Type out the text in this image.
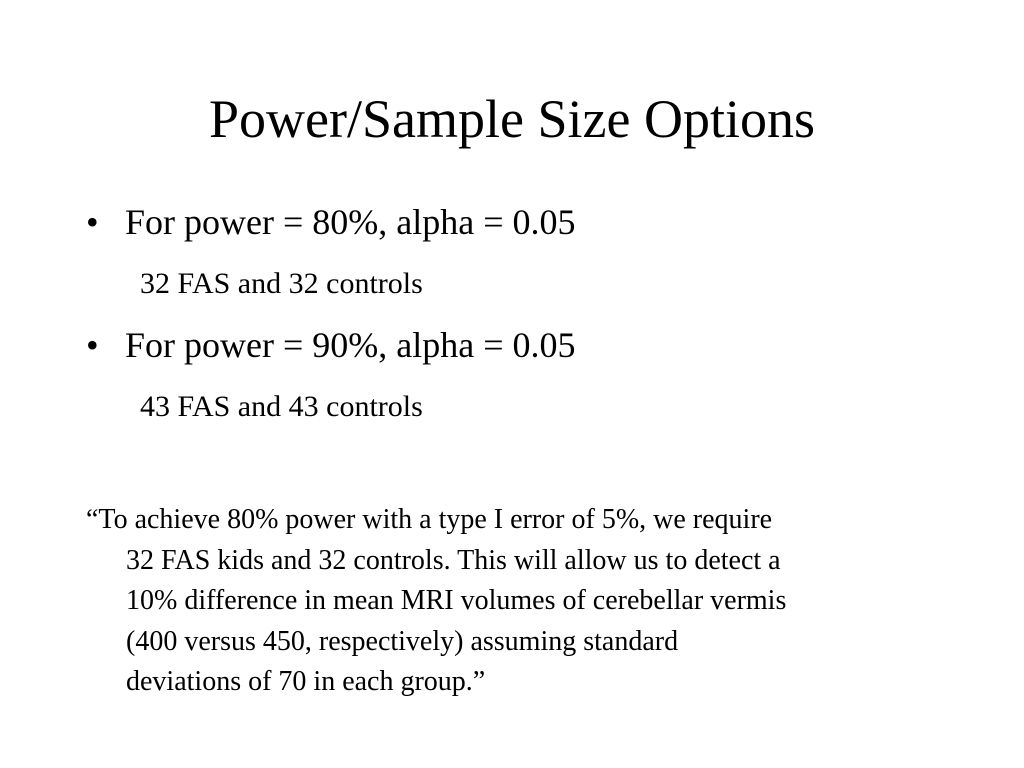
Power/Sample Size Options
• For power = 80%, alpha = 0.05
32 FAS and 32 controls
• For power = 90%, alpha = 0.05
43 FAS and 43 controls
“To achieve 80% power with a type I error of 5%, we require
32 FAS kids and 32 controls. This will allow us to detect a
10% difference in mean MRI volumes of cerebellar vermis
(400 versus 450, respectively) assuming standard
deviations of 70 in each group.”
